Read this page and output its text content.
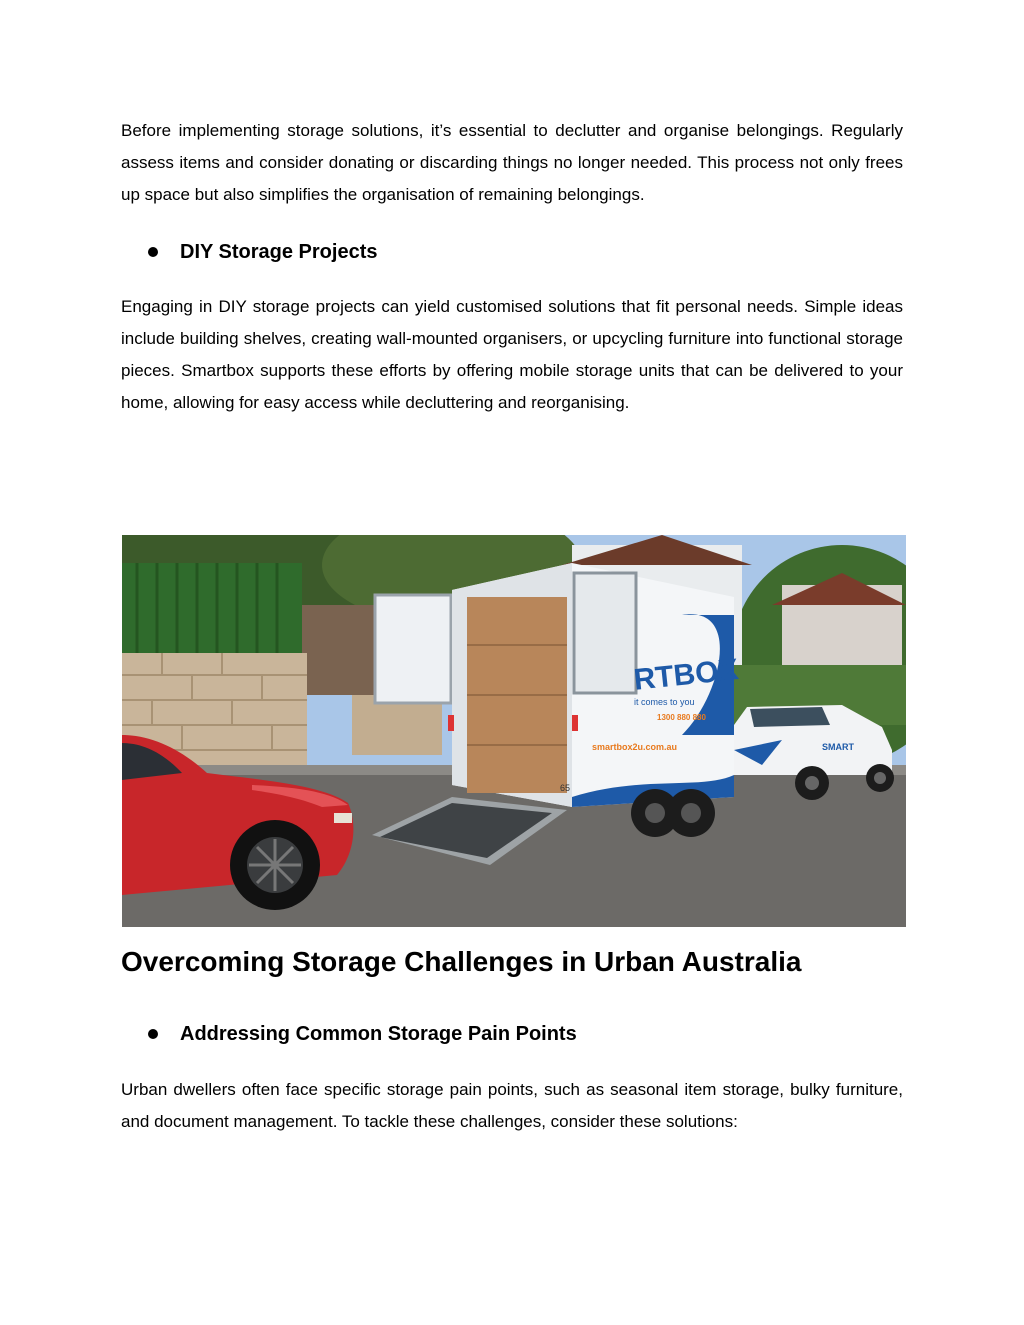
Before implementing storage solutions, it’s essential to declutter and organise belongings. Regularly assess items and consider donating or discarding things no longer needed. This process not only frees up space but also simplifies the organisation of remaining belongings.

DIY Storage Projects

Engaging in DIY storage projects can yield customised solutions that fit personal needs. Simple ideas include building shelves, creating wall-mounted organisers, or upcycling furniture into functional storage pieces. Smartbox supports these efforts by offering mobile storage units that can be delivered to your home, allowing for easy access while decluttering and reorganising.

RTBOX
it comes to you
smartbox2u.com.au
1300 880 880
65
SMART
Overcoming Storage Challenges in Urban Australia
Addressing Common Storage Pain Points

Urban dwellers often face specific storage pain points, such as seasonal item storage, bulky furniture, and document management. To tackle these challenges, consider these solutions:
